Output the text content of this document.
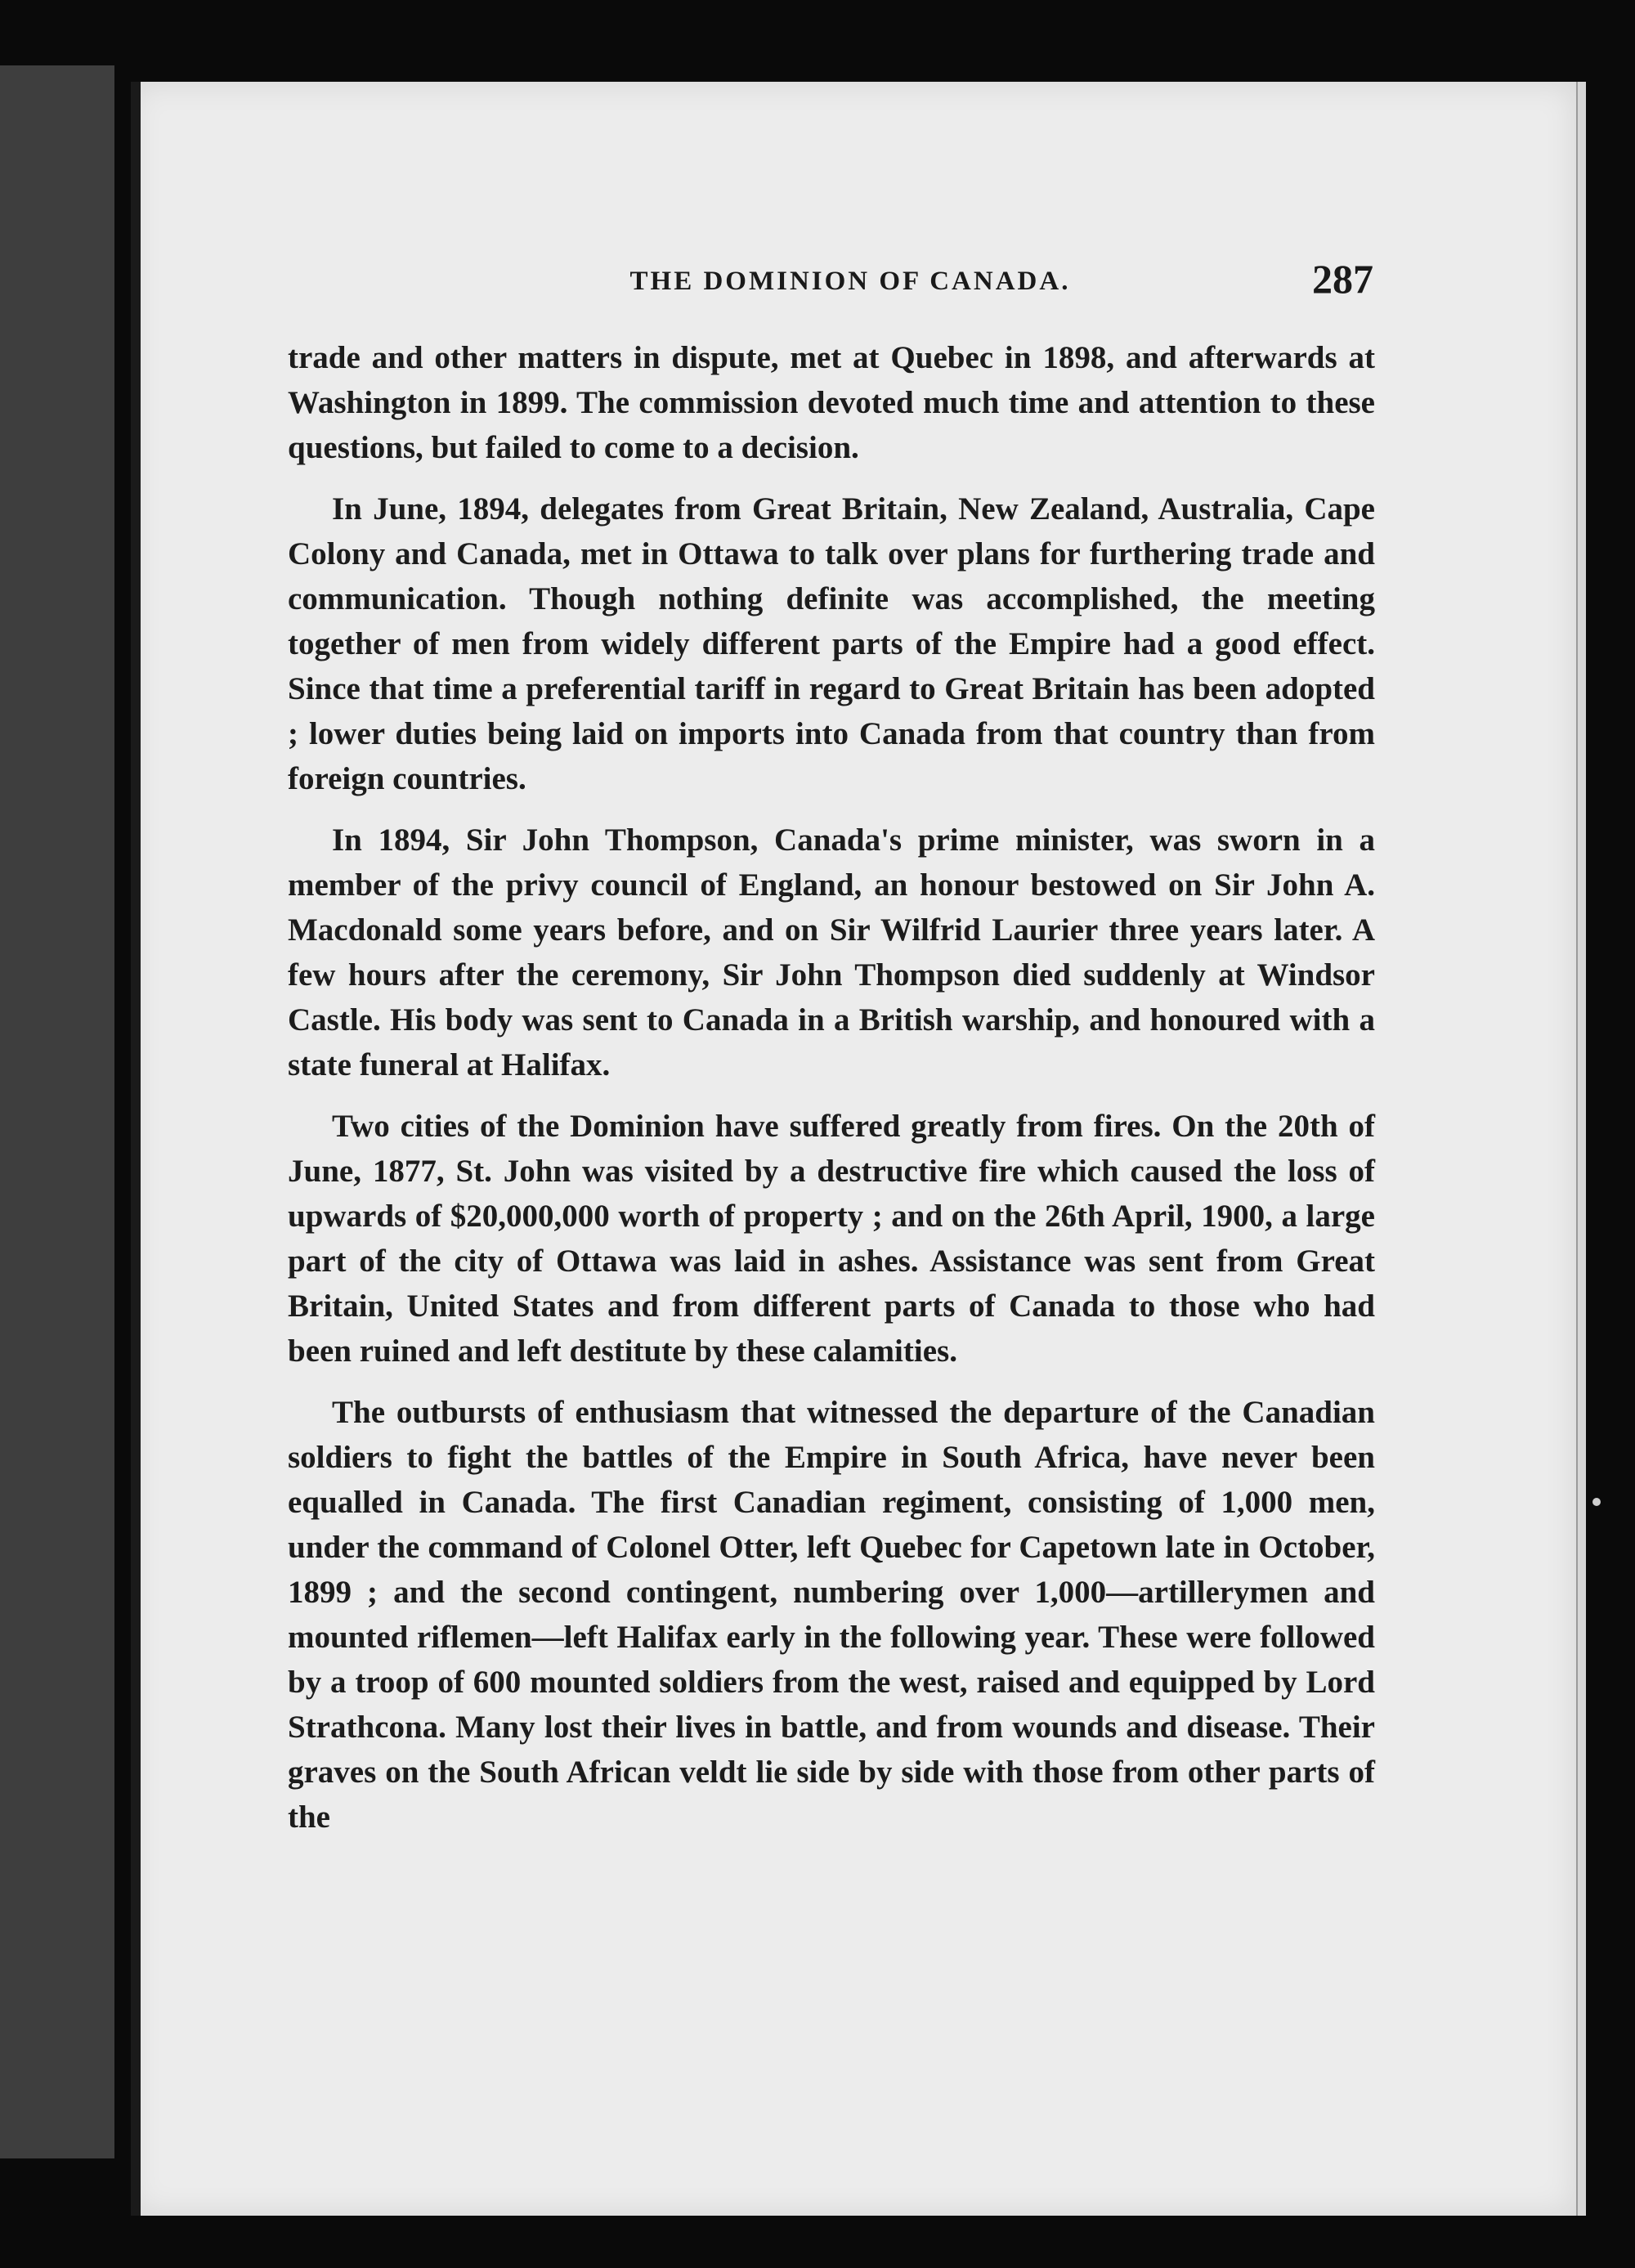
THE DOMINION OF CANADA.	287

trade and other matters in dispute, met at Quebec in 1898, and afterwards at Washington in 1899. The commission devoted much time and attention to these questions, but failed to come to a decision.

In June, 1894, delegates from Great Britain, New Zealand, Australia, Cape Colony and Canada, met in Ottawa to talk over plans for furthering trade and communication. Though nothing definite was accomplished, the meeting together of men from widely different parts of the Empire had a good effect. Since that time a preferential tariff in regard to Great Britain has been adopted ; lower duties being laid on imports into Canada from that country than from foreign countries.

In 1894, Sir John Thompson, Canada's prime minister, was sworn in a member of the privy council of England, an honour bestowed on Sir John A. Macdonald some years before, and on Sir Wilfrid Laurier three years later. A few hours after the ceremony, Sir John Thompson died suddenly at Windsor Castle. His body was sent to Canada in a British warship, and honoured with a state funeral at Halifax.

Two cities of the Dominion have suffered greatly from fires. On the 20th of June, 1877, St. John was visited by a destructive fire which caused the loss of upwards of $20,000,000 worth of property ; and on the 26th April, 1900, a large part of the city of Ottawa was laid in ashes. Assistance was sent from Great Britain, United States and from different parts of Canada to those who had been ruined and left destitute by these calamities.

The outbursts of enthusiasm that witnessed the departure of the Canadian soldiers to fight the battles of the Empire in South Africa, have never been equalled in Canada. The first Canadian regiment, consisting of 1,000 men, under the command of Colonel Otter, left Quebec for Capetown late in October, 1899 ; and the second contingent, numbering over 1,000—artillerymen and mounted riflemen—left Halifax early in the following year. These were followed by a troop of 600 mounted soldiers from the west, raised and equipped by Lord Strathcona. Many lost their lives in battle, and from wounds and disease. Their graves on the South African veldt lie side by side with those from other parts of the
